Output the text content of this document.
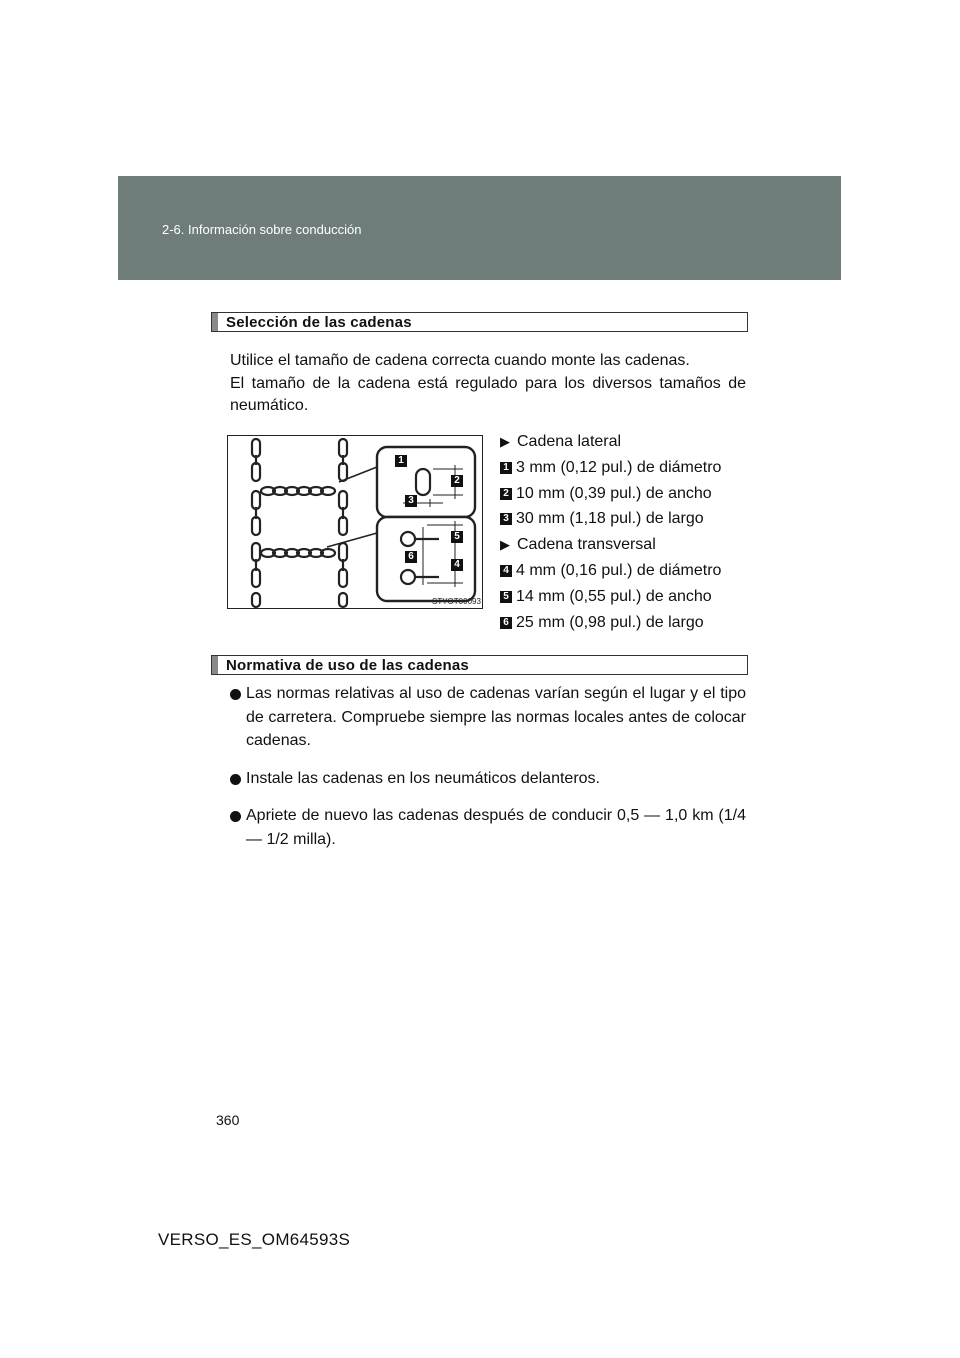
2-6. Información sobre conducción
Selección de las cadenas

Utilice el tamaño de cadena correcta cuando monte las cadenas.

El tamaño de la cadena está regulado para los diversos tamaños de neumático.

1
2
3
4
5
6
STYOT00093
▶ Cadena lateral
1 3 mm (0,12 pul.) de diámetro
2 10 mm (0,39 pul.) de ancho
3 30 mm (1,18 pul.) de largo
▶ Cadena transversal
4 4 mm (0,16 pul.) de diámetro
5 14 mm (0,55 pul.) de ancho
6 25 mm (0,98 pul.) de largo
Normativa de uso de las cadenas
Las normas relativas al uso de cadenas varían según el lugar y el tipo de carretera. Compruebe siempre las normas locales antes de colocar cadenas.
Instale las cadenas en los neumáticos delanteros.
Apriete de nuevo las cadenas después de conducir 0,5 — 1,0 km (1/4 — 1/2 milla).
360
VERSO_ES_OM64593S
